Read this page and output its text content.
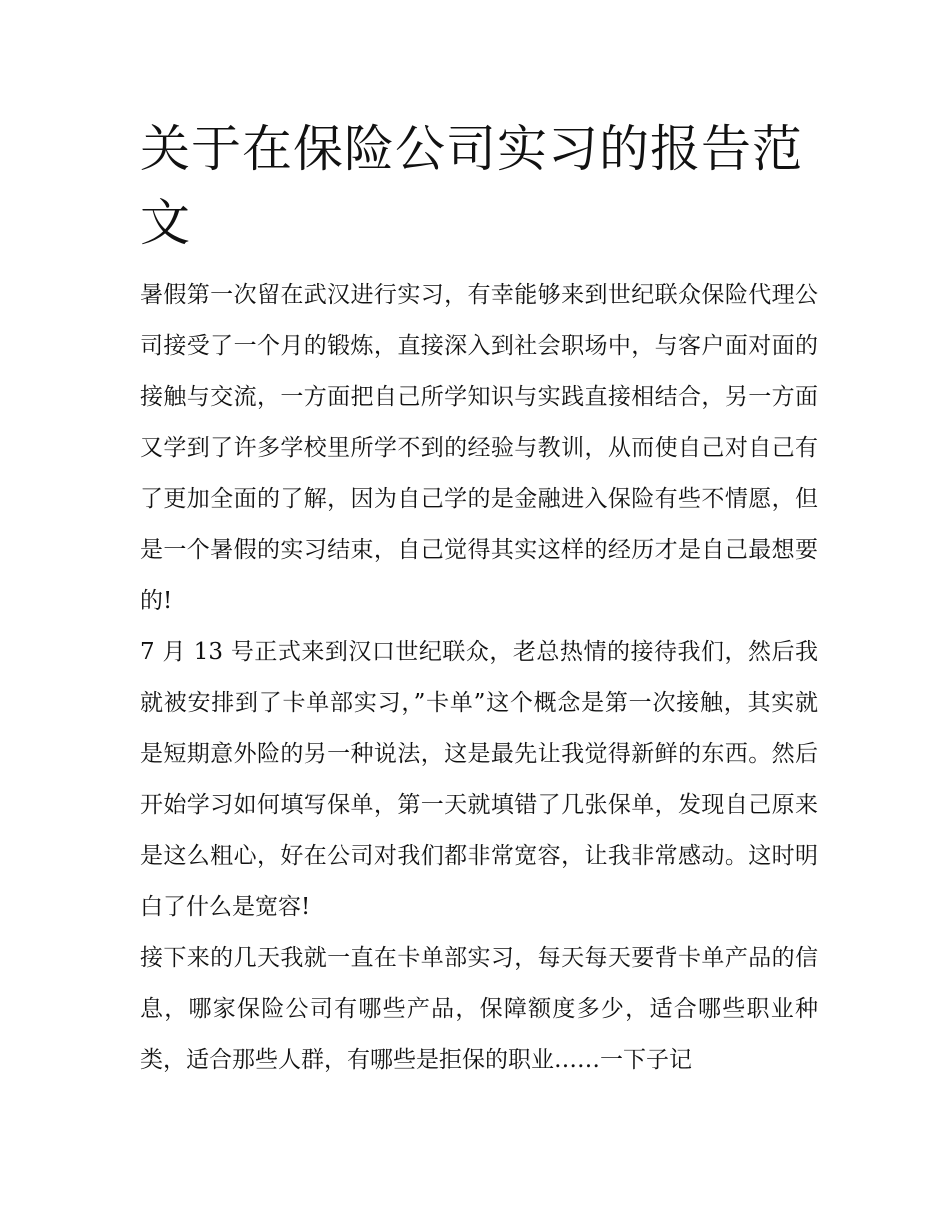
关于在保险公司实习的报告范文

暑假第一次留在武汉进行实习，有幸能够来到世纪联众保险代理公司接受了一个月的锻炼，直接深入到社会职场中，与客户面对面的接触与交流，一方面把自己所学知识与实践直接相结合，另一方面又学到了许多学校里所学不到的经验与教训，从而使自己对自己有了更加全面的了解，因为自己学的是金融进入保险有些不情愿，但是一个暑假的实习结束，自己觉得其实这样的经历才是自己最想要的!

7 月 13 号正式来到汉口世纪联众，老总热情的接待我们，然后我就被安排到了卡单部实习，”卡单”这个概念是第一次接触，其实就是短期意外险的另一种说法，这是最先让我觉得新鲜的东西。然后开始学习如何填写保单，第一天就填错了几张保单，发现自己原来是这么粗心，好在公司对我们都非常宽容，让我非常感动。这时明白了什么是宽容!

接下来的几天我就一直在卡单部实习，每天每天要背卡单产品的信息，哪家保险公司有哪些产品，保障额度多少，适合哪些职业种类，适合那些人群，有哪些是拒保的职业……一下子记
